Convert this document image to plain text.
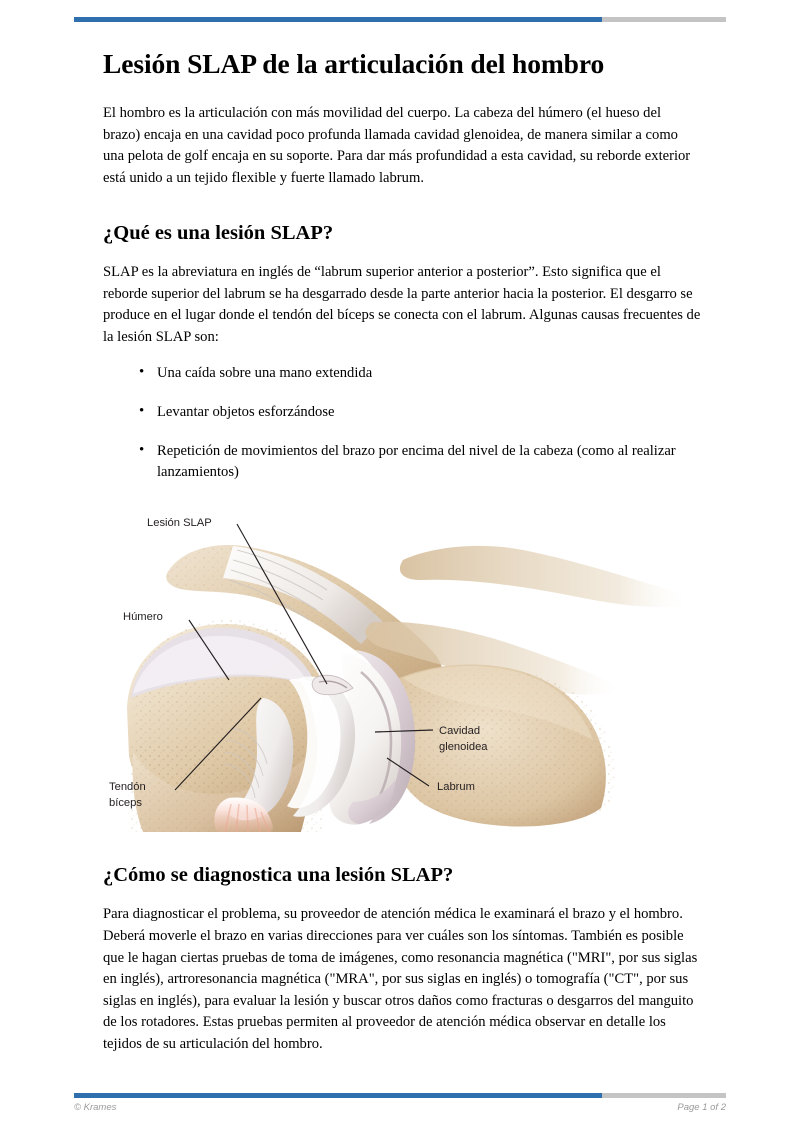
Lesión SLAP de la articulación del hombro

El hombro es la articulación con más movilidad del cuerpo. La cabeza del húmero (el hueso del brazo) encaja en una cavidad poco profunda llamada cavidad glenoidea, de manera similar a como una pelota de golf encaja en su soporte. Para dar más profundidad a esta cavidad, su reborde exterior está unido a un tejido flexible y fuerte llamado labrum.

¿Qué es una lesión SLAP?

SLAP es la abreviatura en inglés de “labrum superior anterior a posterior”. Esto significa que el reborde superior del labrum se ha desgarrado desde la parte anterior hacia la posterior. El desgarro se produce en el lugar donde el tendón del bíceps se conecta con el labrum. Algunas causas frecuentes de la lesión SLAP son:

• Una caída sobre una mano extendida
• Levantar objetos esforzándose
• Repetición de movimientos del brazo por encima del nivel de la cabeza (como al realizar lanzamientos)
Lesión SLAP
Húmero
Tendón
bíceps
Cavidad
glenoidea
Labrum
¿Cómo se diagnostica una lesión SLAP?

Para diagnosticar el problema, su proveedor de atención médica le examinará el brazo y el hombro. Deberá moverle el brazo en varias direcciones para ver cuáles son los síntomas. También es posible que le hagan ciertas pruebas de toma de imágenes, como resonancia magnética ("MRI", por sus siglas en inglés), artroresonancia magnética ("MRA", por sus siglas en inglés) o tomografía ("CT", por sus siglas en inglés), para evaluar la lesión y buscar otros daños como fracturas o desgarros del manguito de los rotadores. Estas pruebas permiten al proveedor de atención médica observar en detalle los tejidos de su articulación del hombro.

© Krames	Page 1 of 2
